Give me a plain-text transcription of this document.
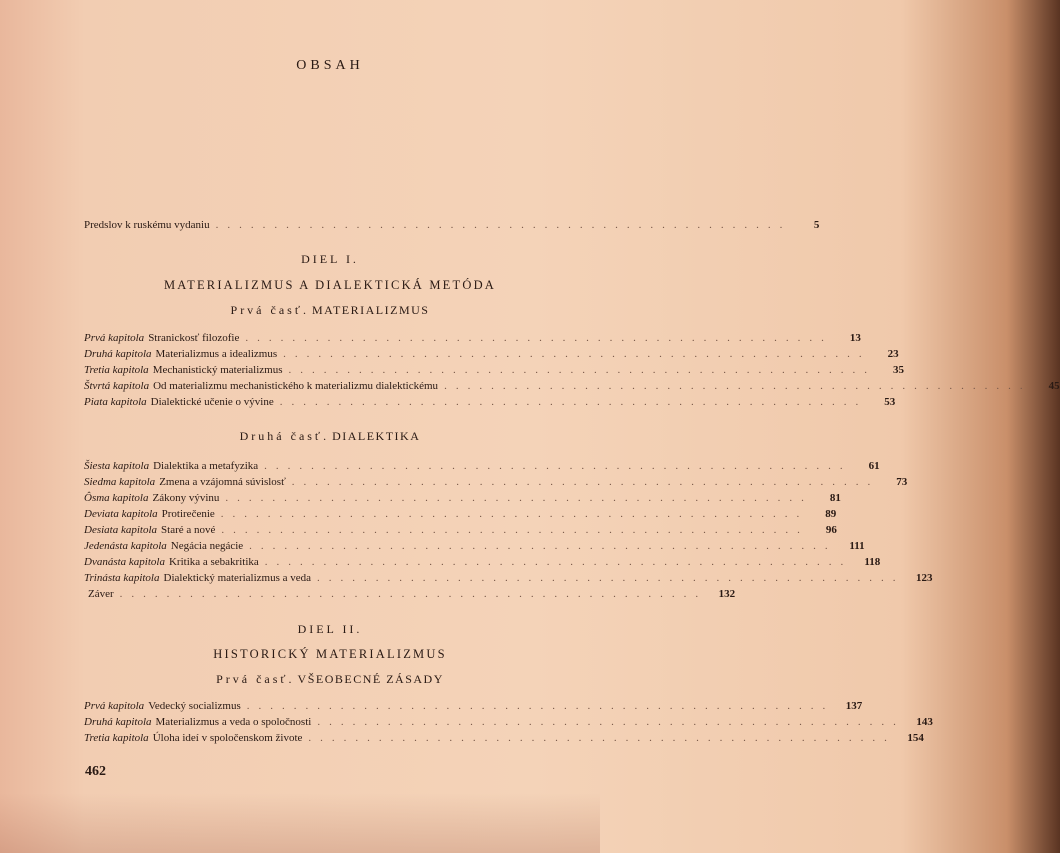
OBSAH
Predslov k ruskému vydaniu .................................................	5
DIEL I.
MATERIALIZMUS A DIALEKTICKÁ METÓDA
Prvá časť. MATERIALIZMUS
Prvá kapitola Stranickosť filozofie ..................................................	13
Druhá kapitola Materializmus a idealizmus ..................................................	23
Tretia kapitola Mechanistický materializmus ..................................................	35
Štvrtá kapitola Od materializmu mechanistického k materializmu dialektickému ..................................................	45
Piata kapitola Dialektické učenie o vývine ..................................................	53
Druhá časť. DIALEKTIKA
Šiesta kapitola Dialektika a metafyzika ..................................................	61
Siedma kapitola Zmena a vzájomná súvislosť ..................................................	73
Ôsma kapitola Zákony vývinu ..................................................	81
Deviata kapitola Protirečenie ..................................................	89
Desiata kapitola Staré a nové ..................................................	96
Jedenásta kapitola Negácia negácie ..................................................	111
Dvanásta kapitola Kritika a sebakritika ..................................................	118
Trinásta kapitola Dialektický materializmus a veda ..................................................	123
Záver ..................................................	132
DIEL II.
HISTORICKÝ MATERIALIZMUS
Prvá časť. VŠEOBECNÉ ZÁSADY
Prvá kapitola Vedecký socializmus ..................................................	137
Druhá kapitola Materializmus a veda o spoločnosti ..................................................	143
Tretia kapitola Úloha ideí v spoločenskom živote ..................................................	154
462
